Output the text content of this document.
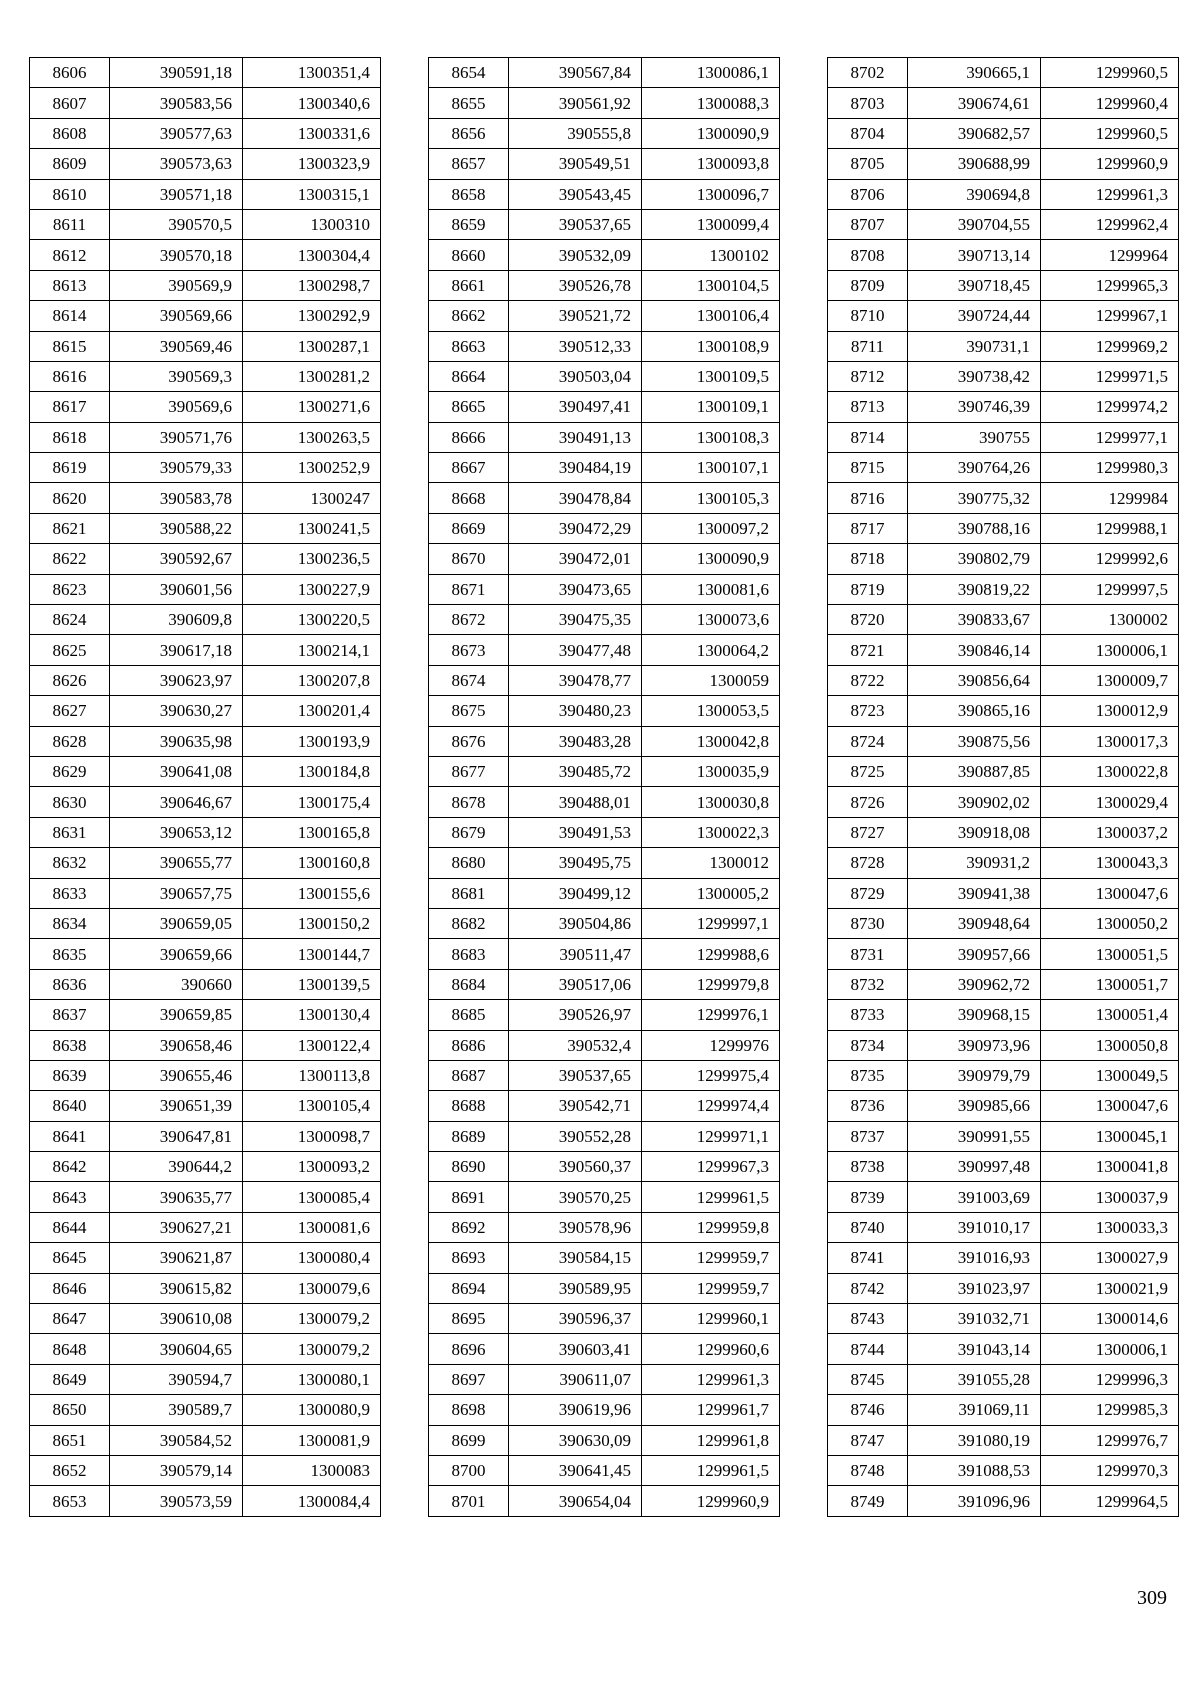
8606	390591,18	1300351,4
8607	390583,56	1300340,6
8608	390577,63	1300331,6
8609	390573,63	1300323,9
8610	390571,18	1300315,1
8611	390570,5	1300310
8612	390570,18	1300304,4
8613	390569,9	1300298,7
8614	390569,66	1300292,9
8615	390569,46	1300287,1
8616	390569,3	1300281,2
8617	390569,6	1300271,6
8618	390571,76	1300263,5
8619	390579,33	1300252,9
8620	390583,78	1300247
8621	390588,22	1300241,5
8622	390592,67	1300236,5
8623	390601,56	1300227,9
8624	390609,8	1300220,5
8625	390617,18	1300214,1
8626	390623,97	1300207,8
8627	390630,27	1300201,4
8628	390635,98	1300193,9
8629	390641,08	1300184,8
8630	390646,67	1300175,4
8631	390653,12	1300165,8
8632	390655,77	1300160,8
8633	390657,75	1300155,6
8634	390659,05	1300150,2
8635	390659,66	1300144,7
8636	390660	1300139,5
8637	390659,85	1300130,4
8638	390658,46	1300122,4
8639	390655,46	1300113,8
8640	390651,39	1300105,4
8641	390647,81	1300098,7
8642	390644,2	1300093,2
8643	390635,77	1300085,4
8644	390627,21	1300081,6
8645	390621,87	1300080,4
8646	390615,82	1300079,6
8647	390610,08	1300079,2
8648	390604,65	1300079,2
8649	390594,7	1300080,1
8650	390589,7	1300080,9
8651	390584,52	1300081,9
8652	390579,14	1300083
8653	390573,59	1300084,4
8654	390567,84	1300086,1
8655	390561,92	1300088,3
8656	390555,8	1300090,9
8657	390549,51	1300093,8
8658	390543,45	1300096,7
8659	390537,65	1300099,4
8660	390532,09	1300102
8661	390526,78	1300104,5
8662	390521,72	1300106,4
8663	390512,33	1300108,9
8664	390503,04	1300109,5
8665	390497,41	1300109,1
8666	390491,13	1300108,3
8667	390484,19	1300107,1
8668	390478,84	1300105,3
8669	390472,29	1300097,2
8670	390472,01	1300090,9
8671	390473,65	1300081,6
8672	390475,35	1300073,6
8673	390477,48	1300064,2
8674	390478,77	1300059
8675	390480,23	1300053,5
8676	390483,28	1300042,8
8677	390485,72	1300035,9
8678	390488,01	1300030,8
8679	390491,53	1300022,3
8680	390495,75	1300012
8681	390499,12	1300005,2
8682	390504,86	1299997,1
8683	390511,47	1299988,6
8684	390517,06	1299979,8
8685	390526,97	1299976,1
8686	390532,4	1299976
8687	390537,65	1299975,4
8688	390542,71	1299974,4
8689	390552,28	1299971,1
8690	390560,37	1299967,3
8691	390570,25	1299961,5
8692	390578,96	1299959,8
8693	390584,15	1299959,7
8694	390589,95	1299959,7
8695	390596,37	1299960,1
8696	390603,41	1299960,6
8697	390611,07	1299961,3
8698	390619,96	1299961,7
8699	390630,09	1299961,8
8700	390641,45	1299961,5
8701	390654,04	1299960,9
8702	390665,1	1299960,5
8703	390674,61	1299960,4
8704	390682,57	1299960,5
8705	390688,99	1299960,9
8706	390694,8	1299961,3
8707	390704,55	1299962,4
8708	390713,14	1299964
8709	390718,45	1299965,3
8710	390724,44	1299967,1
8711	390731,1	1299969,2
8712	390738,42	1299971,5
8713	390746,39	1299974,2
8714	390755	1299977,1
8715	390764,26	1299980,3
8716	390775,32	1299984
8717	390788,16	1299988,1
8718	390802,79	1299992,6
8719	390819,22	1299997,5
8720	390833,67	1300002
8721	390846,14	1300006,1
8722	390856,64	1300009,7
8723	390865,16	1300012,9
8724	390875,56	1300017,3
8725	390887,85	1300022,8
8726	390902,02	1300029,4
8727	390918,08	1300037,2
8728	390931,2	1300043,3
8729	390941,38	1300047,6
8730	390948,64	1300050,2
8731	390957,66	1300051,5
8732	390962,72	1300051,7
8733	390968,15	1300051,4
8734	390973,96	1300050,8
8735	390979,79	1300049,5
8736	390985,66	1300047,6
8737	390991,55	1300045,1
8738	390997,48	1300041,8
8739	391003,69	1300037,9
8740	391010,17	1300033,3
8741	391016,93	1300027,9
8742	391023,97	1300021,9
8743	391032,71	1300014,6
8744	391043,14	1300006,1
8745	391055,28	1299996,3
8746	391069,11	1299985,3
8747	391080,19	1299976,7
8748	391088,53	1299970,3
8749	391096,96	1299964,5
309
